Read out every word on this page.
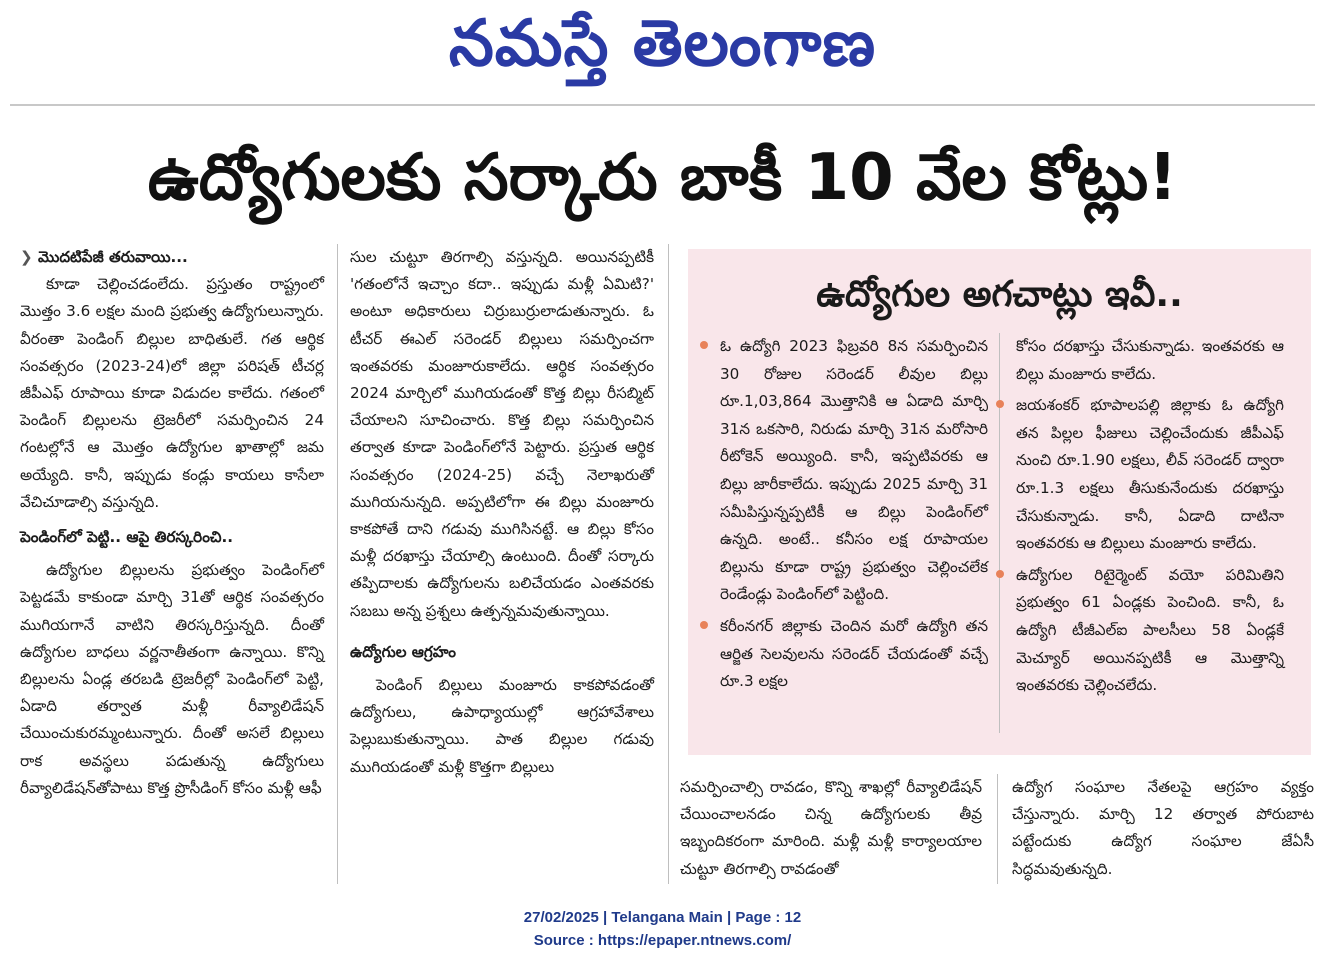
నమస్తే తెలంగాణ
ఉద్యోగులకు సర్కారు బాకీ 10 వేల కోట్లు!

❯ మొదటిపేజీ తరువాయి...

కూడా చెల్లించడంలేదు. ప్రస్తుతం రాష్ట్రంలో మొత్తం 3.6 లక్షల మంది ప్రభుత్వ ఉద్యోగులున్నారు. వీరంతా పెండింగ్ బిల్లుల బాధితులే. గత ఆర్థిక సంవత్సరం (2023-24)లో జిల్లా పరిషత్ టీచర్ల జీపీఎఫ్ రూపాయి కూడా విడుదల కాలేదు. గతంలో పెండింగ్ బిల్లులను ట్రెజరీలో సమర్పించిన 24 గంటల్లోనే ఆ మొత్తం ఉద్యోగుల ఖాతాల్లో జమ అయ్యేది. కానీ, ఇప్పుడు కండ్లు కాయలు కాసేలా వేచిచూడాల్సి వస్తున్నది.

పెండింగ్‌లో పెట్టి.. ఆపై తిరస్కరించి..

ఉద్యోగుల బిల్లులను ప్రభుత్వం పెండింగ్‌లో పెట్టడమే కాకుండా మార్చి 31తో ఆర్థిక సంవత్సరం ముగియగానే వాటిని తిరస్కరిస్తున్నది. దీంతో ఉద్యోగుల బాధలు వర్ణనాతీతంగా ఉన్నాయి. కొన్ని బిల్లులను ఏండ్ల తరబడి ట్రెజరీల్లో పెండింగ్‌లో పెట్టి, ఏడాది తర్వాత మళ్లీ రీవ్యాలిడేషన్ చేయించుకురమ్మంటున్నారు. దీంతో అసలే బిల్లులు రాక అవస్థలు పడుతున్న ఉద్యోగులు రీవ్యాలిడేషన్‌తోపాటు కొత్త ప్రొసీడింగ్ కోసం మళ్లీ ఆఫీ

సుల చుట్టూ తిరగాల్సి వస్తున్నది. అయినప్పటికీ 'గతంలోనే ఇచ్చాం కదా.. ఇప్పుడు మళ్లీ ఏమిటి?' అంటూ అధికారులు చిర్రుబుర్రులాడుతున్నారు. ఓ టీచర్ ఈఎల్ సరెండర్ బిల్లులు సమర్పించగా ఇంతవరకు మంజూరుకాలేదు. ఆర్థిక సంవత్సరం 2024 మార్చిలో ముగియడంతో కొత్త బిల్లు రీసబ్మిట్ చేయాలని సూచించారు. కొత్త బిల్లు సమర్పించిన తర్వాత కూడా పెండింగ్‌లోనే పెట్టారు. ప్రస్తుత ఆర్థిక సంవత్సరం (2024-25) వచ్చే నెలాఖరుతో ముగియనున్నది. అప్పటిలోగా ఈ బిల్లు మంజూరు కాకపోతే దాని గడువు ముగిసినట్టే. ఆ బిల్లు కోసం మళ్లీ దరఖాస్తు చేయాల్సి ఉంటుంది. దీంతో సర్కారు తప్పిదాలకు ఉద్యోగులను బలిచేయడం ఎంతవరకు సబబు అన్న ప్రశ్నలు ఉత్పన్నమవుతున్నాయి.

ఉద్యోగుల ఆగ్రహం

పెండింగ్ బిల్లులు మంజూరు కాకపోవడంతో ఉద్యోగులు, ఉపాధ్యాయుల్లో ఆగ్రహావేశాలు పెల్లుబుకుతున్నాయి. పాత బిల్లుల గడువు ముగియడంతో మళ్లీ కొత్తగా బిల్లులు

ఉద్యోగుల అగచాట్లు ఇవీ..
ఓ ఉద్యోగి 2023 ఫిబ్రవరి 8న సమర్పించిన 30 రోజుల సరెండర్ లీవుల బిల్లు రూ.1,03,864 మొత్తానికి ఆ ఏడాది మార్చి 31న ఒకసారి, నిరుడు మార్చి 31న మరోసారి రీటోకెన్ అయ్యింది. కానీ, ఇప్పటివరకు ఆ బిల్లు జారీకాలేదు. ఇప్పుడు 2025 మార్చి 31 సమీపిస్తున్నప్పటికీ ఆ బిల్లు పెండింగ్‌లో ఉన్నది. అంటే.. కనీసం లక్ష రూపాయల బిల్లును కూడా రాష్ట్ర ప్రభుత్వం చెల్లించలేక రెండేండ్లు పెండింగ్‌లో పెట్టింది.
కరీంనగర్ జిల్లాకు చెందిన మరో ఉద్యోగి తన ఆర్జిత సెలవులను సరెండర్ చేయడంతో వచ్చే రూ.3 లక్షల
కోసం దరఖాస్తు చేసుకున్నాడు. ఇంతవరకు ఆ బిల్లు మంజూరు కాలేదు.
జయశంకర్ భూపాలపల్లి జిల్లాకు ఓ ఉద్యోగి తన పిల్లల ఫీజులు చెల్లించేందుకు జీపీఎఫ్ నుంచి రూ.1.90 లక్షలు, లీవ్ సరెండర్ ద్వారా రూ.1.3 లక్షలు తీసుకునేందుకు దరఖాస్తు చేసుకున్నాడు. కానీ, ఏడాది దాటినా ఇంతవరకు ఆ బిల్లులు మంజూరు కాలేదు.
ఉద్యోగుల రిటైర్మెంట్ వయో పరిమితిని ప్రభుత్వం 61 ఏండ్లకు పెంచింది. కానీ, ఓ ఉద్యోగి టీజీఎల్‌ఐ పాలసీలు 58 ఏండ్లకే మెచ్యూర్ అయినప్పటికీ ఆ మొత్తాన్ని ఇంతవరకు చెల్లించలేదు.

సమర్పించాల్సి రావడం, కొన్ని శాఖల్లో రీవ్యాలిడేషన్ చేయించాలనడం చిన్న ఉద్యోగులకు తీవ్ర ఇబ్బందికరంగా మారింది. మళ్లీ మళ్లీ కార్యాలయాల చుట్టూ తిరగాల్సి రావడంతో

ఉద్యోగ సంఘాల నేతలపై ఆగ్రహం వ్యక్తం చేస్తున్నారు. మార్చి 12 తర్వాత పోరుబాట పట్టేందుకు ఉద్యోగ సంఘాల జేఏసీ సిద్ధమవుతున్నది.

27/02/2025 | Telangana Main | Page : 12
Source : https://epaper.ntnews.com/
